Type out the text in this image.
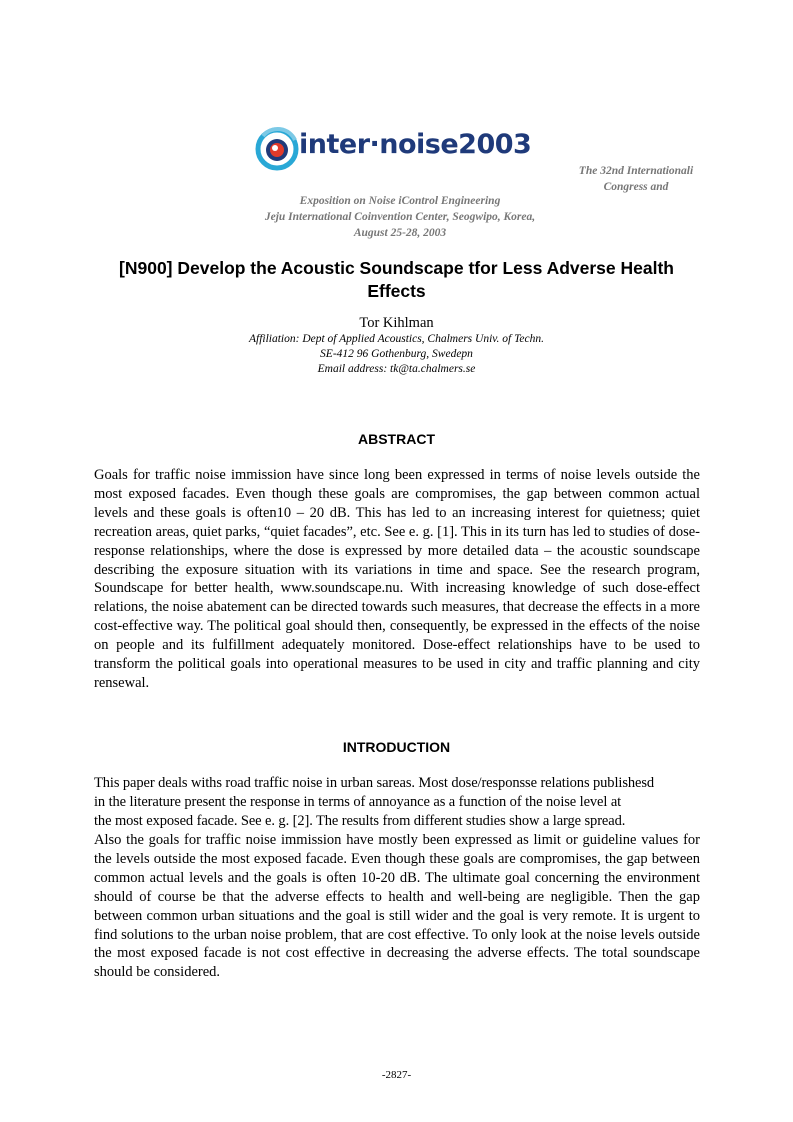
inter·noise2003
The 32nd Internationali
Congress and
Exposition on Noise iControl Engineering
Jeju International Coinvention Center, Seogwipo, Korea,
August 25-28, 2003
[N900] Develop the Acoustic Soundscape tfor Less Adverse Health Effects
Tor Kihlman
Affiliation: Dept of Applied Acoustics, Chalmers Univ. of Techn.
SE-412 96 Gothenburg, Swedepn
Email address: tk@ta.chalmers.se
ABSTRACT

Goals for traffic noise immission have since long been expressed in terms of noise levels outside the most exposed facades. Even though these goals are compromises, the gap between common actual levels and these goals is often10 – 20 dB. This has led to an increasing interest for quietness; quiet recreation areas, quiet parks, “quiet facades”, etc. See e. g. [1]. This in its turn has led to studies of dose-response relationships, where the dose is expressed by more detailed data – the acoustic soundscape describing the exposure situation with its variations in time and space. See the research program, Soundscape for better health, www.soundscape.nu. With increasing knowledge of such dose-effect relations, the noise abatement can be directed towards such measures, that decrease the effects in a more cost-effective way. The political goal should then, consequently, be expressed in the effects of the noise on people and its fulfillment adequately monitored. Dose-effect relationships have to be used to transform the political goals into operational measures to be used in city and traffic planning and city rensewal.

INTRODUCTION
This paper deals withs road traffic noise in urban sareas. Most dose/responsse relations publishesd
in the literature present the response in terms of annoyance as a function of the noise level at
the most exposed facade. See e. g. [2]. The results from different studies show a large spread.

Also the goals for traffic noise immission have mostly been expressed as limit or guideline values for the levels outside the most exposed facade. Even though these goals are compromises, the gap between common actual levels and the goals is often 10-20 dB. The ultimate goal concerning the environment should of course be that the adverse effects to health and well-being are negligible. Then the gap between common urban situations and the goal is still wider and the goal is very remote. It is urgent to find solutions to the urban noise problem, that are cost effective. To only look at the noise levels outside the most exposed facade is not cost effective in decreasing the adverse effects. The total soundscape should be considered.

-2827-
